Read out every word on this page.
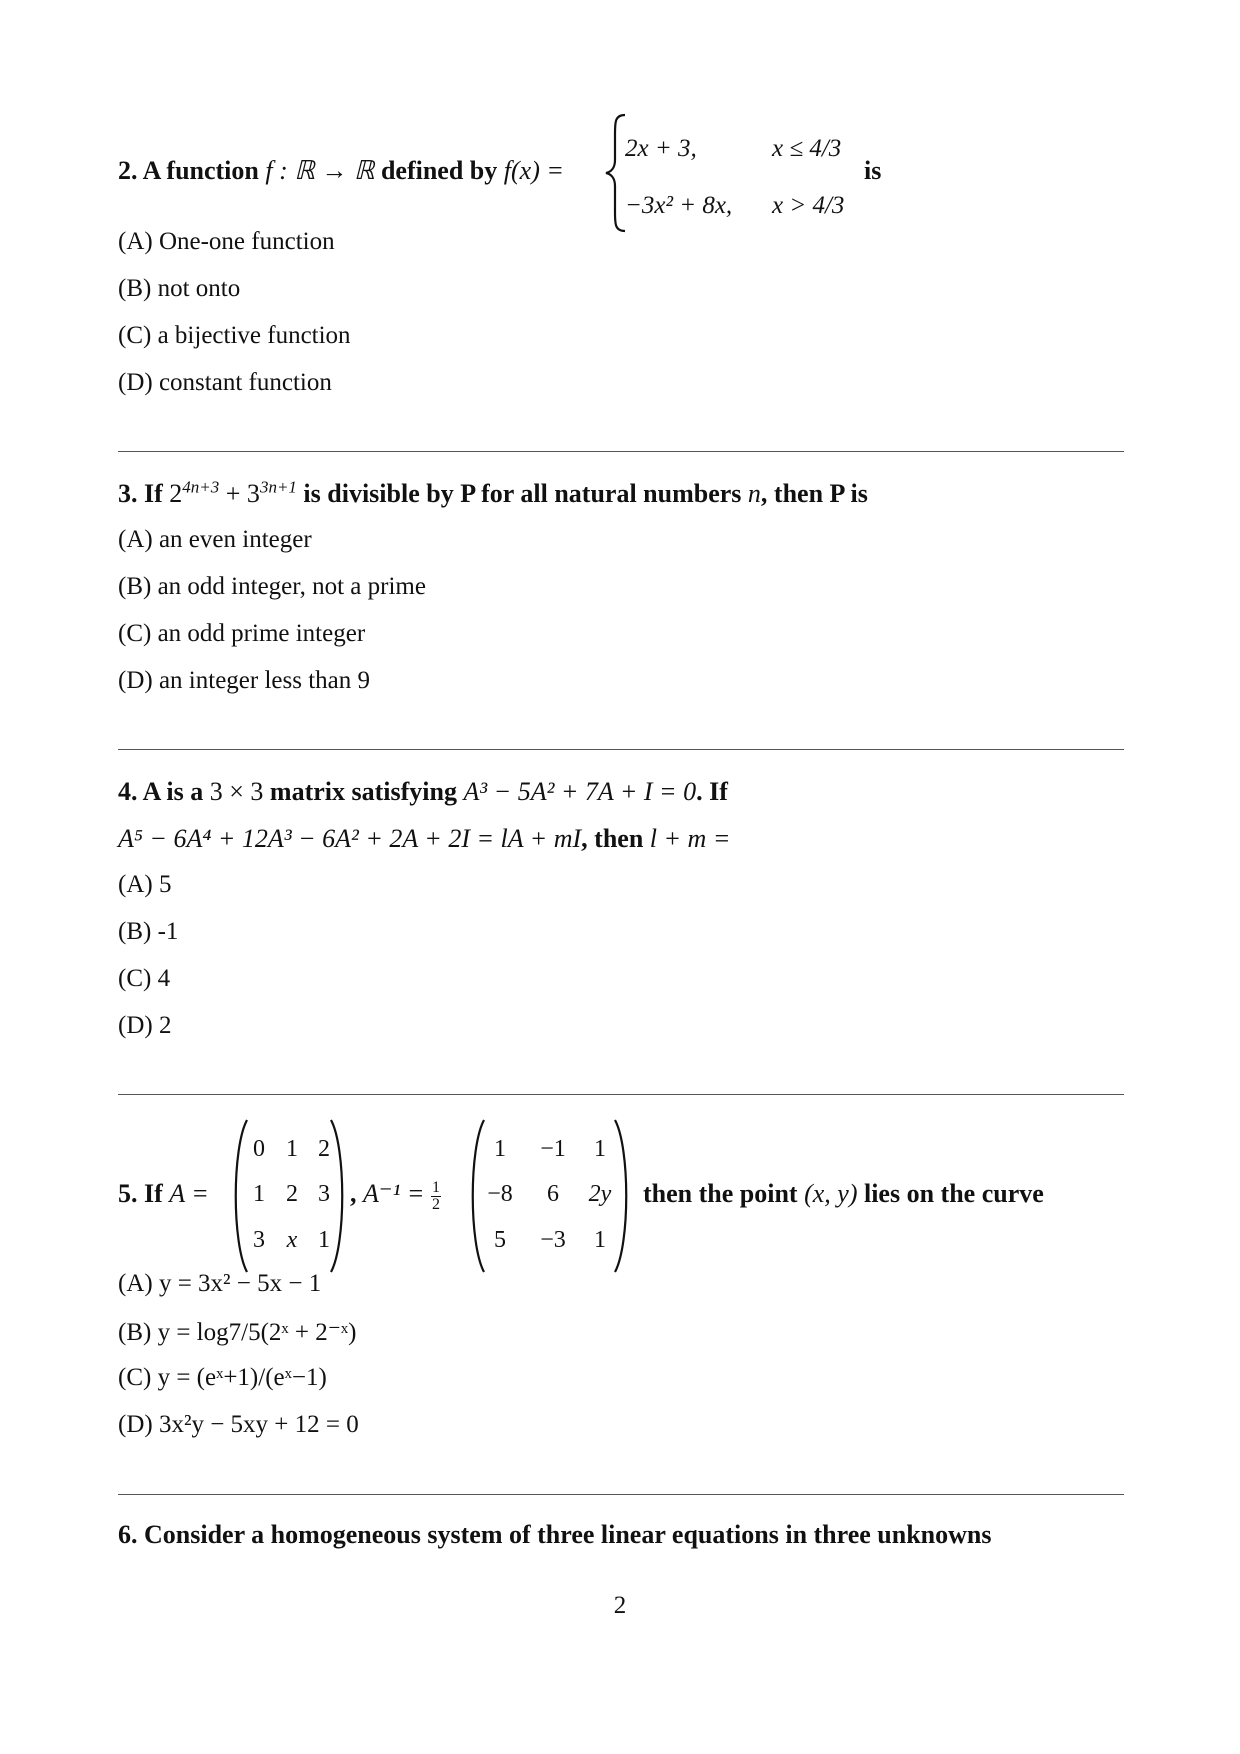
2. A function f : ℝ → ℝ defined by f(x) =
2x + 3,	x ≤ 4/3
−3x² + 8x, x > 4/3
is
(A) One-one function
(B) not onto
(C) a bijective function
(D) constant function
3. If $2^{4n+3} + 3^{3n+1}$ is divisible by P for all natural numbers n, then P is
(A) an even integer
(B) an odd integer, not a prime
(C) an odd prime integer
(D) an integer less than 9
4. A is a 3 × 3 matrix satisfying A³ − 5A² + 7A + I = 0. If
A⁵ − 6A⁴ + 12A³ − 6A² + 2A + 2I = lA + mI, then l + m =
(A) 5
(B) -1
(C) 4
(D) 2
5. If A =
0 1 2
1 2 3
3 x 1
, $A^{-1} = \frac{1}{2}$
1	−1	1
−8	6	2y
5	−3	1
then the point (x, y) lies on the curve
(A) y = 3x² − 5x − 1
(B) y = log7/5(2ˣ + 2⁻ˣ)
(C) y = (eˣ+1)/(eˣ−1)
(D) 3x²y − 5xy + 12 = 0
6. Consider a homogeneous system of three linear equations in three unknowns
2
